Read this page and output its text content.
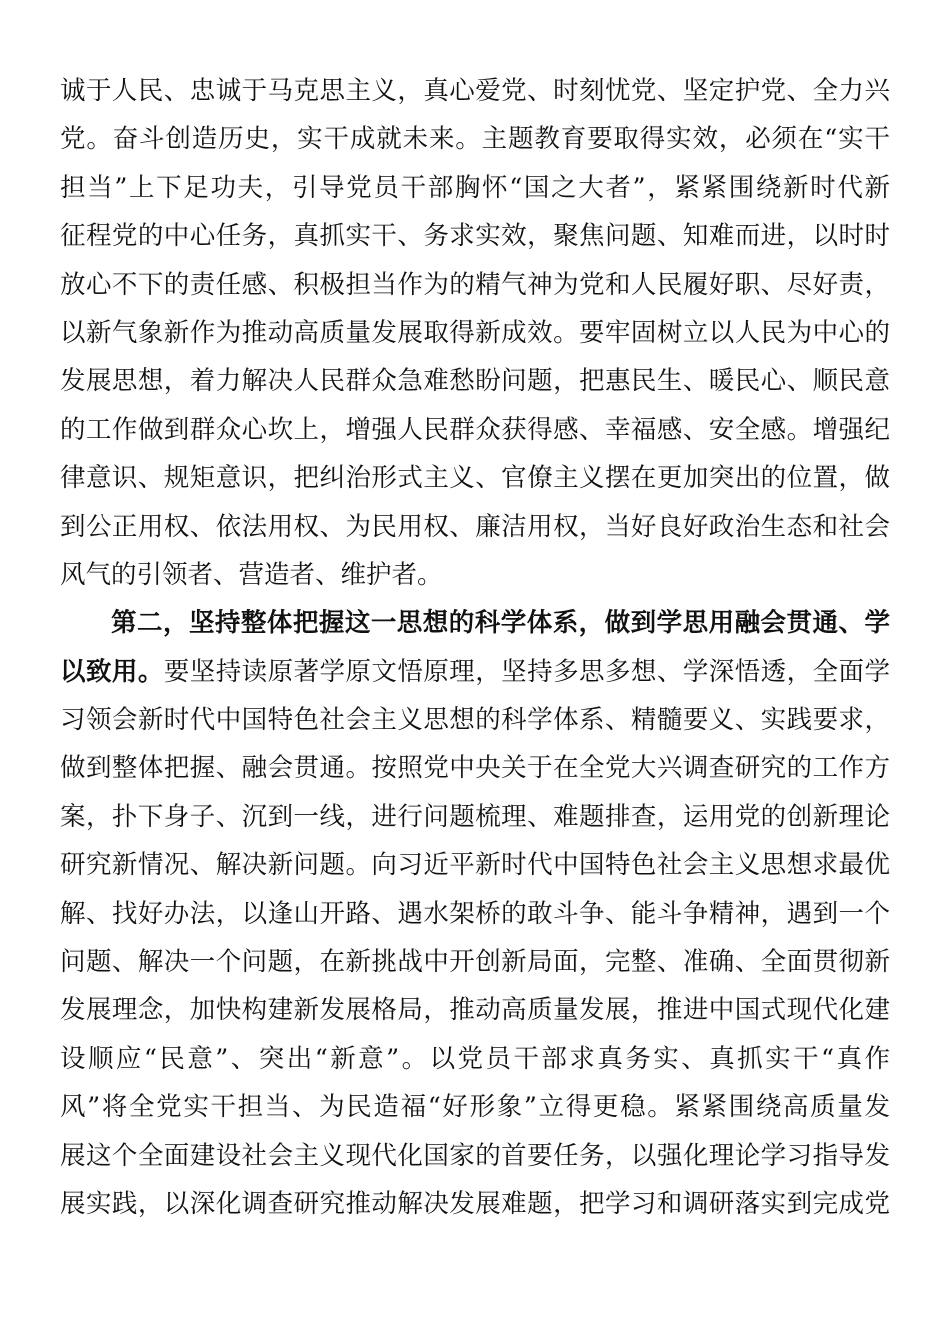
诚于人民、忠诚于马克思主义，真心爱党、时刻忧党、坚定护党、全力兴
党。奋斗创造历史，实干成就未来。主题教育要取得实效，必须在“实干
担当”上下足功夫，引导党员干部胸怀“国之大者”，紧紧围绕新时代新
征程党的中心任务，真抓实干、务求实效，聚焦问题、知难而进，以时时
放心不下的责任感、积极担当作为的精气神为党和人民履好职、尽好责，
以新气象新作为推动高质量发展取得新成效。要牢固树立以人民为中心的
发展思想，着力解决人民群众急难愁盼问题，把惠民生、暖民心、顺民意
的工作做到群众心坎上，增强人民群众获得感、幸福感、安全感。增强纪
律意识、规矩意识，把纠治形式主义、官僚主义摆在更加突出的位置，做
到公正用权、依法用权、为民用权、廉洁用权，当好良好政治生态和社会
风气的引领者、营造者、维护者。
第二，坚持整体把握这一思想的科学体系，做到学思用融会贯通、学
以致用。要坚持读原著学原文悟原理，坚持多思多想、学深悟透，全面学
习领会新时代中国特色社会主义思想的科学体系、精髓要义、实践要求，
做到整体把握、融会贯通。按照党中央关于在全党大兴调查研究的工作方
案，扑下身子、沉到一线，进行问题梳理、难题排查，运用党的创新理论
研究新情况、解决新问题。向习近平新时代中国特色社会主义思想求最优
解、找好办法，以逢山开路、遇水架桥的敢斗争、能斗争精神，遇到一个
问题、解决一个问题，在新挑战中开创新局面，完整、准确、全面贯彻新
发展理念，加快构建新发展格局，推动高质量发展，推进中国式现代化建
设顺应“民意”、突出“新意”。以党员干部求真务实、真抓实干“真作
风”将全党实干担当、为民造福“好形象”立得更稳。紧紧围绕高质量发
展这个全面建设社会主义现代化国家的首要任务，以强化理论学习指导发
展实践，以深化调查研究推动解决发展难题，把学习和调研落实到完成党
